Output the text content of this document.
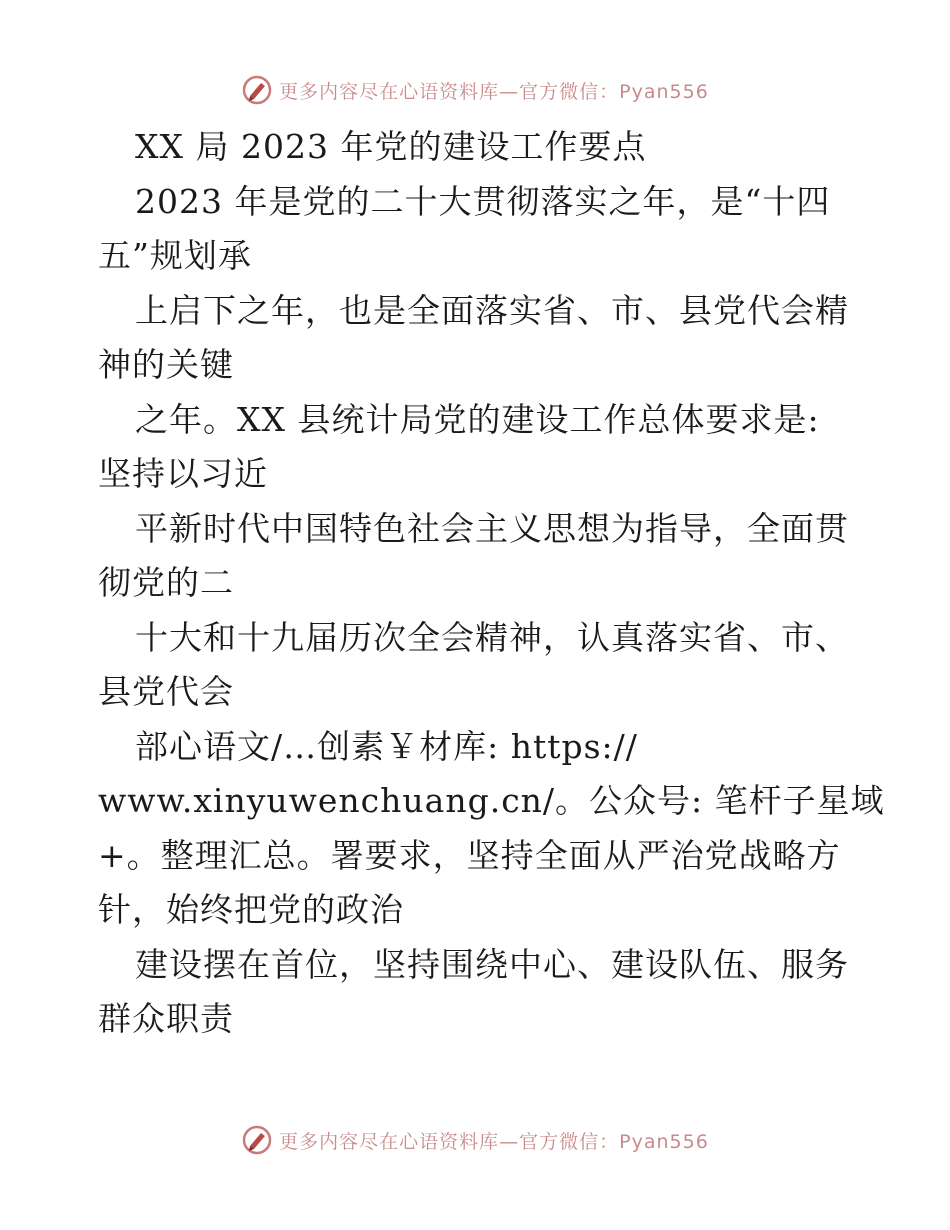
更多内容尽在心语资料库—官方微信：Pyan556
XX 局 2023 年党的建设工作要点
2023 年是党的二十大贯彻落实之年，是“十四
五”规划承
上启下之年，也是全面落实省、市、县党代会精
神的关键
之年。XX 县统计局党的建设工作总体要求是:
坚持以习近
平新时代中国特色社会主义思想为指导，全面贯
彻党的二
十大和十九届历次全会精神，认真落实省、市、
县党代会
部心语文/…创素￥材库: https://
www.xinyuwenchuang.cn/。公众号: 笔杆子星域
+。整理汇总。署要求，坚持全面从严治党战略方
针，始终把党的政治
建设摆在首位，坚持围绕中心、建设队伍、服务
群众职责
更多内容尽在心语资料库—官方微信：Pyan556
